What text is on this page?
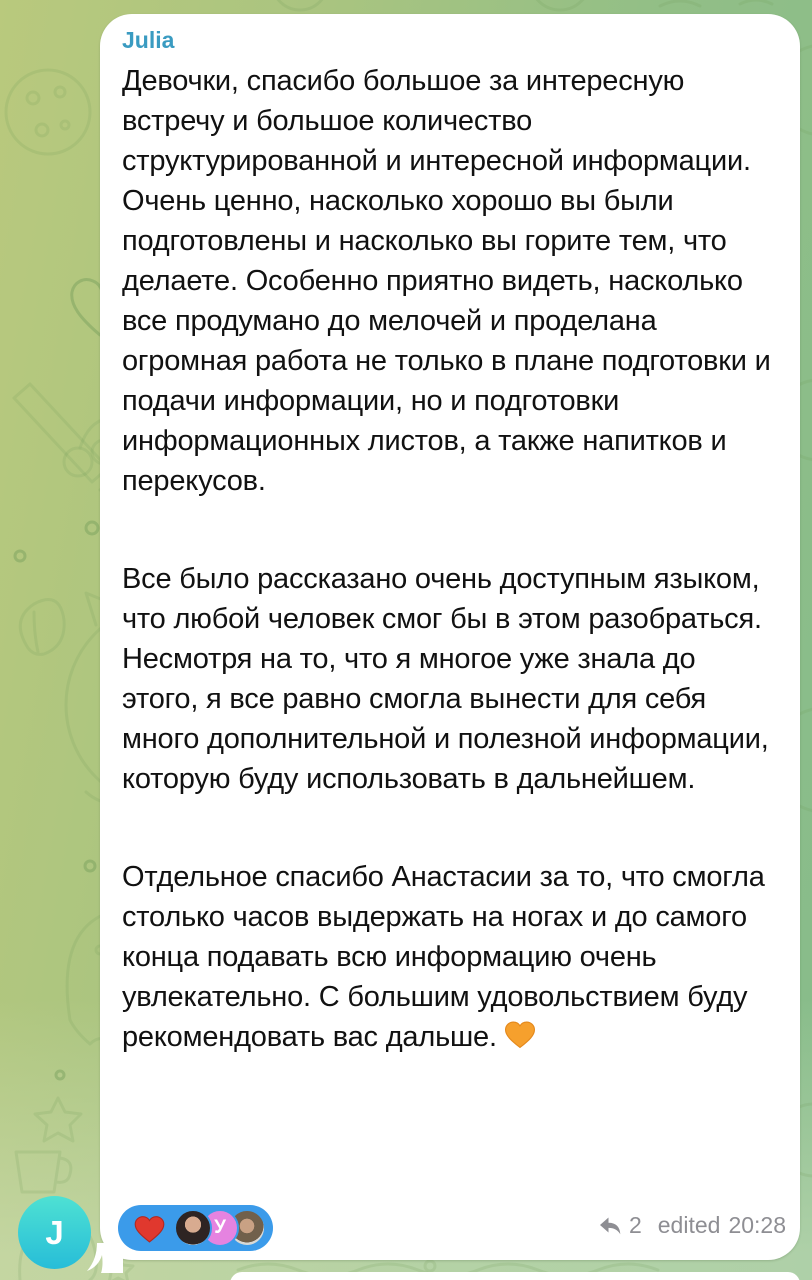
Julia

Девочки, спасибо большое за интересную встречу и большое количество структурированной и интересной информации. Очень ценно, насколько хорошо вы были подготовлены и насколько вы горите тем, что делаете. Особенно приятно видеть, насколько все продумано до мелочей и проделана огромная работа не только в плане подготовки и подачи информации, но и подготовки информационных листов, а также напитков и перекусов.

Все было рассказано очень доступным языком, что любой человек смог бы в этом разобраться. Несмотря на то, что я многое уже знала до этого, я все равно смогла вынести для себя много дополнительной и полезной информации, которую буду использовать в дальнейшем.

Отдельное спасибо Анастасии за то, что смогла столько часов выдержать на ногах и до самого конца подавать всю информацию очень увлекательно. С большим удовольствием буду рекомендовать вас дальше.

У	2 edited 20:28
J
